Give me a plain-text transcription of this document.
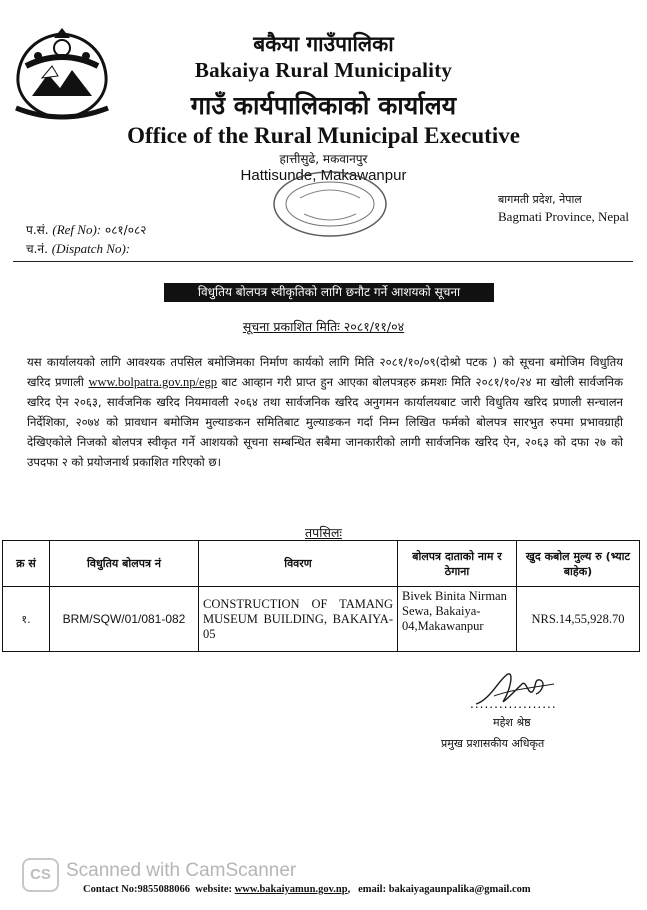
बकैया गाउँपालिका
Bakaiya Rural Municipality
गाउँ कार्यपालिकाको कार्यालय
Office of the Rural Municipal Executive
हात्तीसुढे, मकवानपुर
Hattisunde, Makawanpur
बागमती प्रदेश, नेपाल
Bagmati Province, Nepal
प.सं. (Ref No): ०८१/०८२
च.नं. (Dispatch No):
विधुतिय बोलपत्र स्वीकृतिको लागि छनौट गर्ने आशयको सूचना
सूचना प्रकाशित मितिः २०८१/११/०४
यस कार्यालयको लागि आवश्यक तपसिल बमोजिमका निर्माण कार्यको लागि मिति २०८१/१०/०९(दोश्रो पटक ) को सूचना बमोजिम विधुतिय खरिद प्रणाली www.bolpatra.gov.np/egp बाट आव्हान गरी प्राप्त हुन आएका बोलपत्रहरु क्रमशः मिति २०८१/१०/२४ मा खोली सार्वजनिक खरिद ऐन २०६३, सार्वजनिक खरिद नियमावली २०६४ तथा सार्वजनिक खरिद अनुगमन कार्यालयबाट जारी विधुतिय खरिद प्रणाली सन्चालन निर्देशिका, २०७४ को प्रावधान बमोजिम मुल्याङकन समितिबाट मुल्याङकन गर्दा निम्न लिखित फर्मको बोलपत्र सारभुत रुपमा प्रभावग्राही देखिएकोले निजको बोलपत्र स्वीकृत गर्ने आशयको सूचना सम्बन्धित सबैमा जानकारीको लागी सार्वजनिक खरिद ऐन, २०६३ को दफा २७ को उपदफा २ को प्रयोजनार्थ प्रकाशित गरिएको छ।
तपसिलः
क्र सं	विधुतिय बोलपत्र नं	विवरण	बोलपत्र दाताको नाम र ठेगाना	खुद कबोल मुल्य रु (भ्याट बाहेक)
१.	BRM/SQW/01/081-082	CONSTRUCTION OF TAMANG MUSEUM BUILDING, BAKAIYA-05	Bivek Binita Nirman Sewa, Bakaiya-04,Makawanpur	NRS.14,55,928.70
..................
महेश श्रेष्ठ
प्रमुख प्रशासकीय अधिकृत
CS Scanned with CamScanner
Contact No:9855088066 website: www.bakaiyamun.gov.np,   email: bakaiyagaunpalika@gmail.com
